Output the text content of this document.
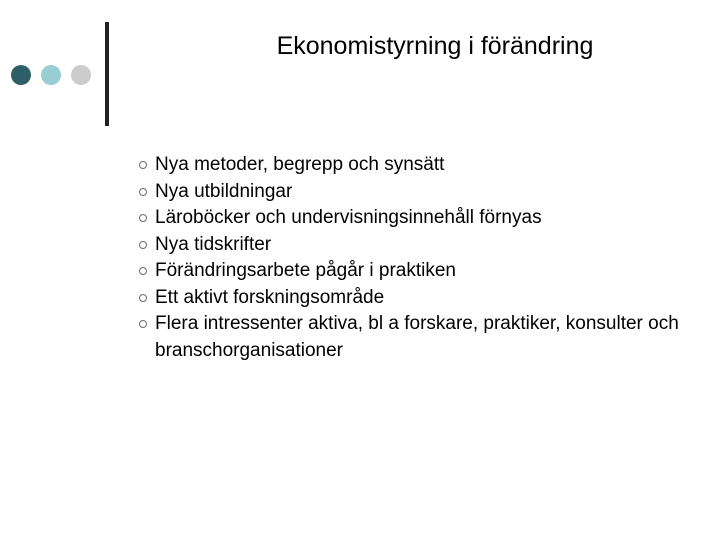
Ekonomistyrning i förändring
Nya metoder, begrepp och synsätt
Nya utbildningar
Läroböcker och undervisningsinnehåll förnyas
Nya tidskrifter
Förändringsarbete pågår i praktiken
Ett aktivt forskningsområde
Flera intressenter aktiva, bl a forskare, praktiker, konsulter och branschorganisationer
